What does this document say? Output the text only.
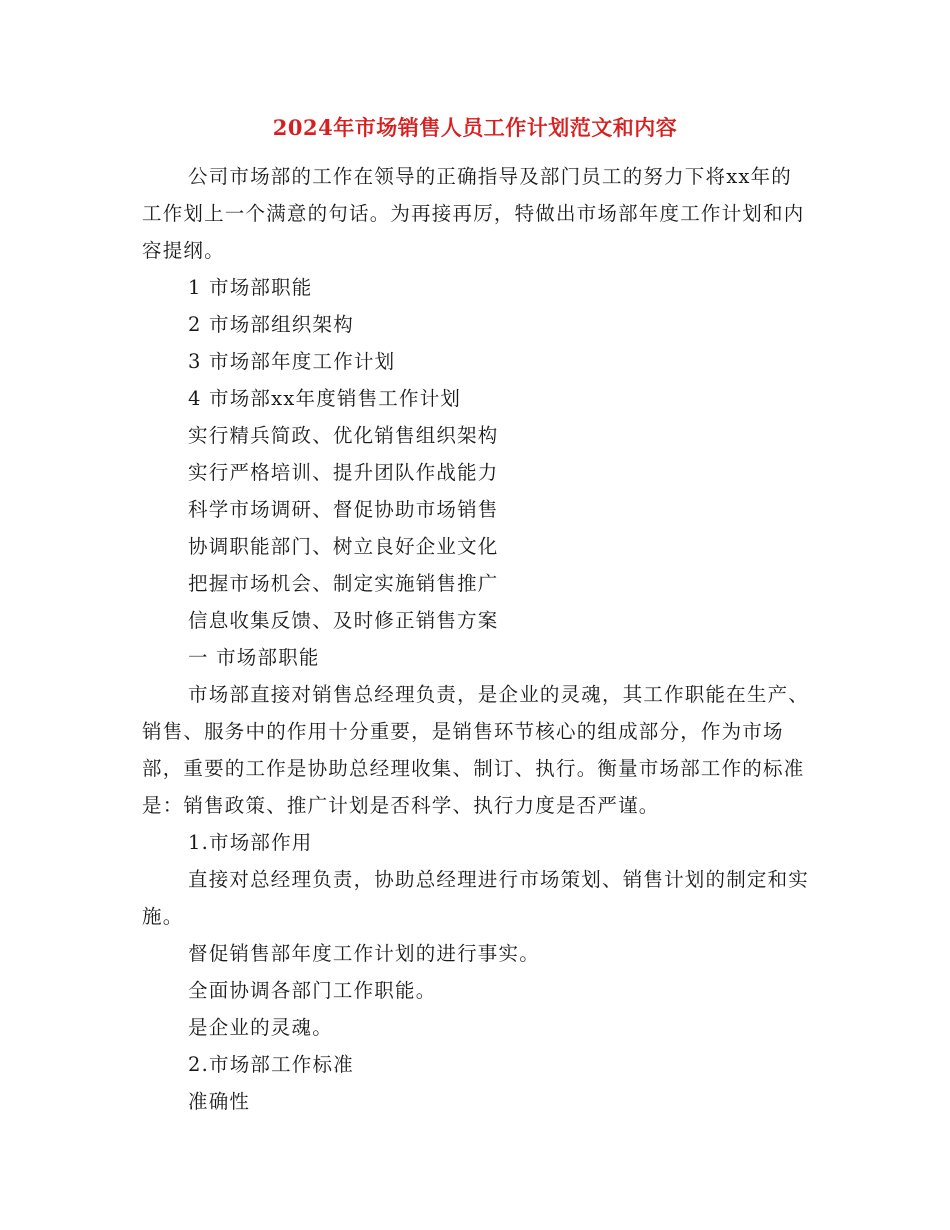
2024年市场销售人员工作计划范文和内容

公司市场部的工作在领导的正确指导及部门员工的努力下将xx年的工作划上一个满意的句话。为再接再厉，特做出市场部年度工作计划和内容提纲。

1 市场部职能
2 市场部组织架构
3 市场部年度工作计划
4 市场部xx年度销售工作计划
实行精兵简政、优化销售组织架构
实行严格培训、提升团队作战能力
科学市场调研、督促协助市场销售
协调职能部门、树立良好企业文化
把握市场机会、制定实施销售推广
信息收集反馈、及时修正销售方案
一 市场部职能

市场部直接对销售总经理负责，是企业的灵魂，其工作职能在生产、销售、服务中的作用十分重要，是销售环节核心的组成部分，作为市场部，重要的工作是协助总经理收集、制订、执行。衡量市场部工作的标准是：销售政策、推广计划是否科学、执行力度是否严谨。

1.市场部作用

直接对总经理负责，协助总经理进行市场策划、销售计划的制定和实施。

督促销售部年度工作计划的进行事实。
全面协调各部门工作职能。
是企业的灵魂。
2.市场部工作标准
准确性
